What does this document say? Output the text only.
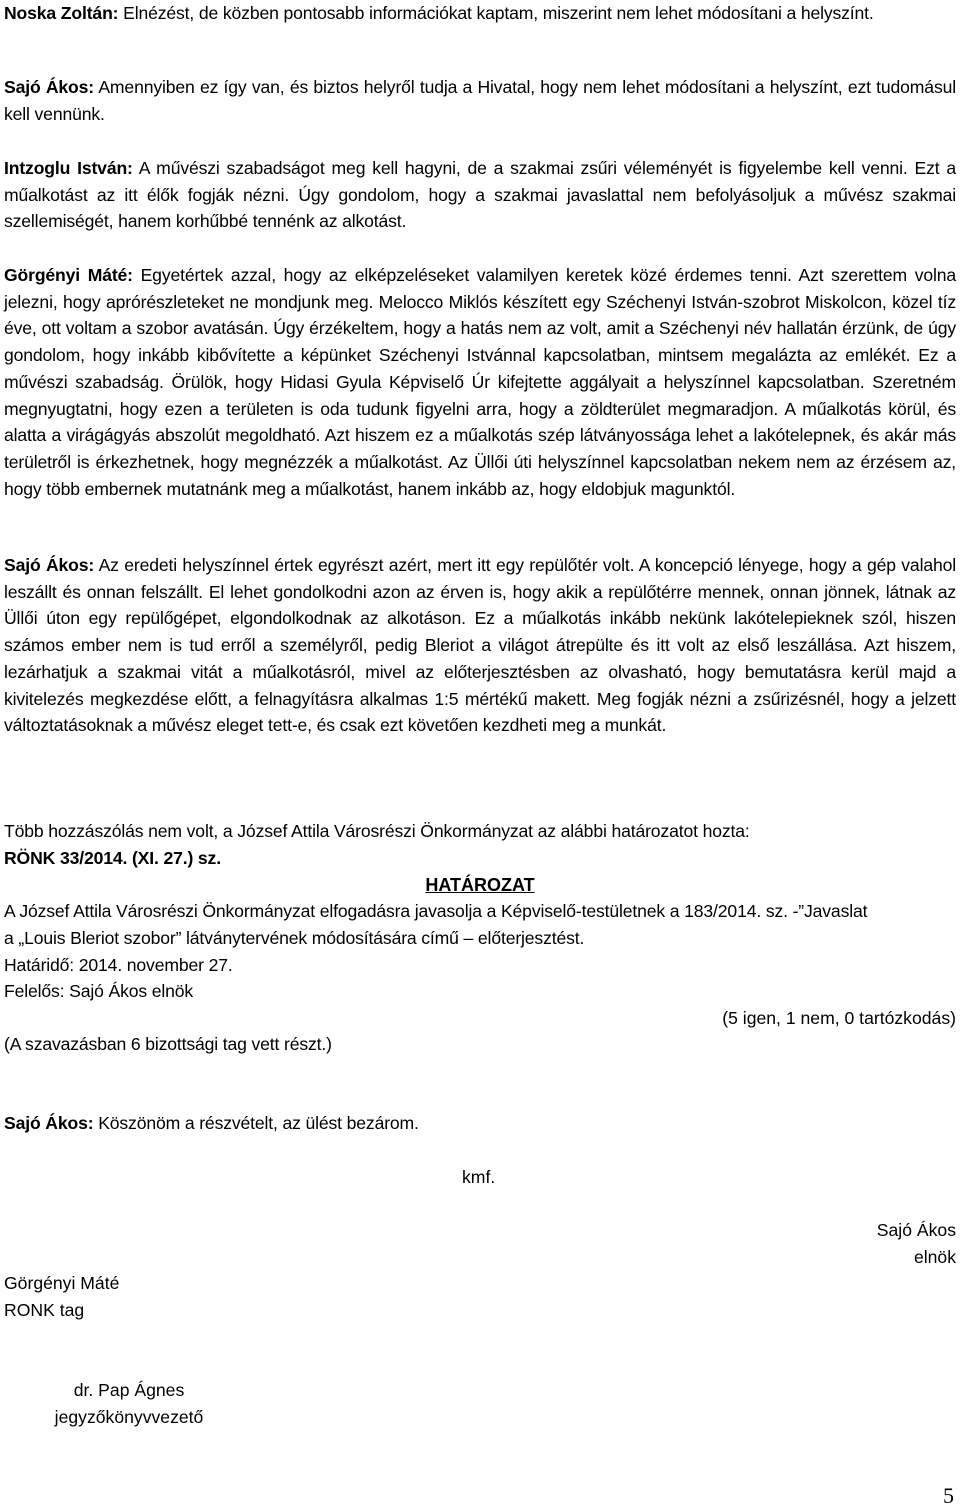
Noska Zoltán: Elnézést, de közben pontosabb információkat kaptam, miszerint nem lehet módosítani a helyszínt.

Sajó Ákos: Amennyiben ez így van, és biztos helyről tudja a Hivatal, hogy nem lehet módosítani a helyszínt, ezt tudomásul kell vennünk.

Intzoglu István: A művészi szabadságot meg kell hagyni, de a szakmai zsűri véleményét is figyelembe kell venni. Ezt a műalkotást az itt élők fogják nézni. Úgy gondolom, hogy a szakmai javaslattal nem befolyásoljuk a művész szakmai szellemiségét, hanem korhűbbé tennénk az alkotást.

Görgényi Máté: Egyetértek azzal, hogy az elképzeléseket valamilyen keretek közé érdemes tenni. Azt szerettem volna jelezni, hogy aprórészleteket ne mondjunk meg. Melocco Miklós készített egy Széchenyi István-szobrot Miskolcon, közel tíz éve, ott voltam a szobor avatásán. Úgy érzékeltem, hogy a hatás nem az volt, amit a Széchenyi név hallatán érzünk, de úgy gondolom, hogy inkább kibővítette a képünket Széchenyi Istvánnal kapcsolatban, mintsem megalázta az emlékét. Ez a művészi szabadság. Örülök, hogy Hidasi Gyula Képviselő Úr kifejtette aggályait a helyszínnel kapcsolatban. Szeretném megnyugtatni, hogy ezen a területen is oda tudunk figyelni arra, hogy a zöldterület megmaradjon. A műalkotás körül, és alatta a virágágyás abszolút megoldható. Azt hiszem ez a műalkotás szép látványossága lehet a lakótelepnek, és akár más területről is érkezhetnek, hogy megnézzék a műalkotást. Az Üllői úti helyszínnel kapcsolatban nekem nem az érzésem az, hogy több embernek mutatnánk meg a műalkotást, hanem inkább az, hogy eldobjuk magunktól.

Sajó Ákos: Az eredeti helyszínnel értek egyrészt azért, mert itt egy repülőtér volt. A koncepció lényege, hogy a gép valahol leszállt és onnan felszállt. El lehet gondolkodni azon az érven is, hogy akik a repülőtérre mennek, onnan jönnek, látnak az Üllői úton egy repülőgépet, elgondolkodnak az alkotáson. Ez a műalkotás inkább nekünk lakótelepieknek szól, hiszen számos ember nem is tud erről a személyről, pedig Bleriot a világot átrepülte és itt volt az első leszállása. Azt hiszem, lezárhatjuk a szakmai vitát a műalkotásról, mivel az előterjesztésben az olvasható, hogy bemutatásra kerül majd a kivitelezés megkezdése előtt, a felnagyításra alkalmas 1:5 mértékű makett. Meg fogják nézni a zsűrizésnél, hogy a jelzett változtatásoknak a művész eleget tett-e, és csak ezt követően kezdheti meg a munkát.

Több hozzászólás nem volt, a József Attila Városrészi Önkormányzat az alábbi határozatot hozta:

RÖNK 33/2014. (XI. 27.) sz.

HATÁROZAT

A József Attila Városrészi Önkormányzat elfogadásra javasolja a Képviselő-testületnek a 183/2014. sz. -”Javaslat

a „Louis Bleriot szobor” látványtervének módosítására című – előterjesztést.

Határidő: 2014. november 27.

Felelős: Sajó Ákos elnök

(5 igen, 1 nem, 0 tartózkodás)

(A szavazásban 6 bizottsági tag vett részt.)

Sajó Ákos: Köszönöm a részvételt, az ülést bezárom.

kmf.
Sajó Ákos
elnök
Görgényi Máté
RONK tag
dr. Pap Ágnes
jegyzőkönyvvezető
5
